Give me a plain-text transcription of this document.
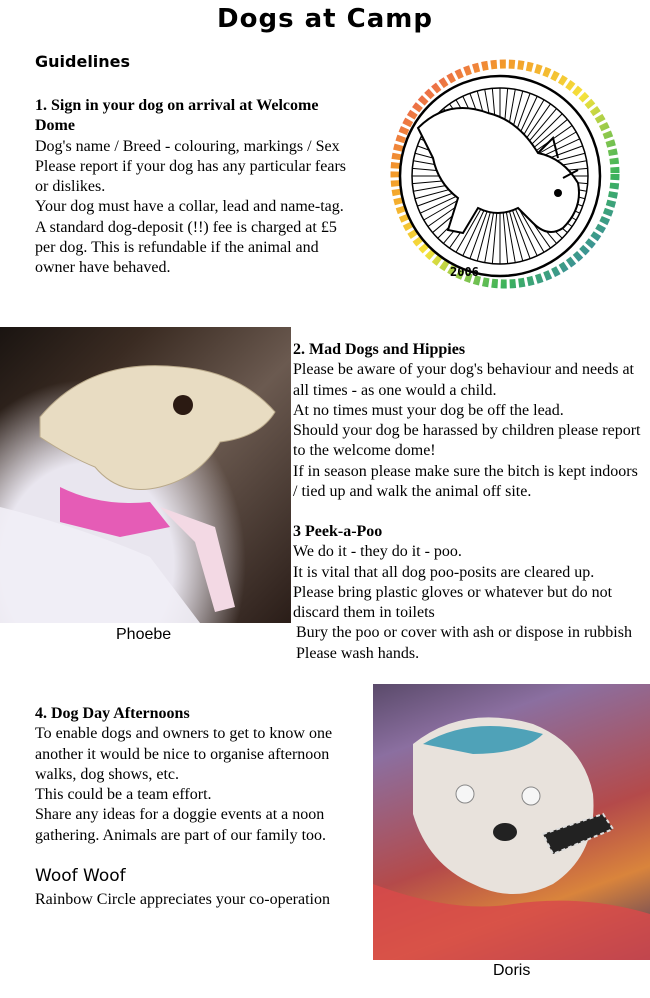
Dogs at Camp
Guidelines
1. Sign in your dog on arrival at Welcome Dome
Dog's name / Breed - colouring, markings / Sex
Please report if your dog has any particular fears or dislikes.
Your dog must have a collar, lead and name-tag.
A standard dog-deposit (!!) fee is charged at £5 per dog. This is refundable if the animal and owner have behaved.	2006
Phoebe
2. Mad Dogs and Hippies
Please be aware of your dog's behaviour and needs at all times - as one would a child.
At no times must your dog be off the lead.
Should your dog be harassed by children please report to the welcome dome!
If in season please make sure the bitch is kept indoors / tied up and walk the animal off site.
3 Peek-a-Poo
We do it - they do it - poo.
It is vital that all dog poo-posits are cleared up.
Please bring plastic gloves or whatever but do not discard them in toilets
Bury the poo or cover with ash or dispose in rubbish
Please wash hands.
4. Dog Day Afternoons
To enable dogs and owners to get to know one another it would be nice to organise afternoon walks, dog shows, etc.
This could be a team effort.
Share any ideas for a doggie events at a noon gathering. Animals are part of our family too.
Woof Woof
Rainbow Circle appreciates your co-operation
Doris
